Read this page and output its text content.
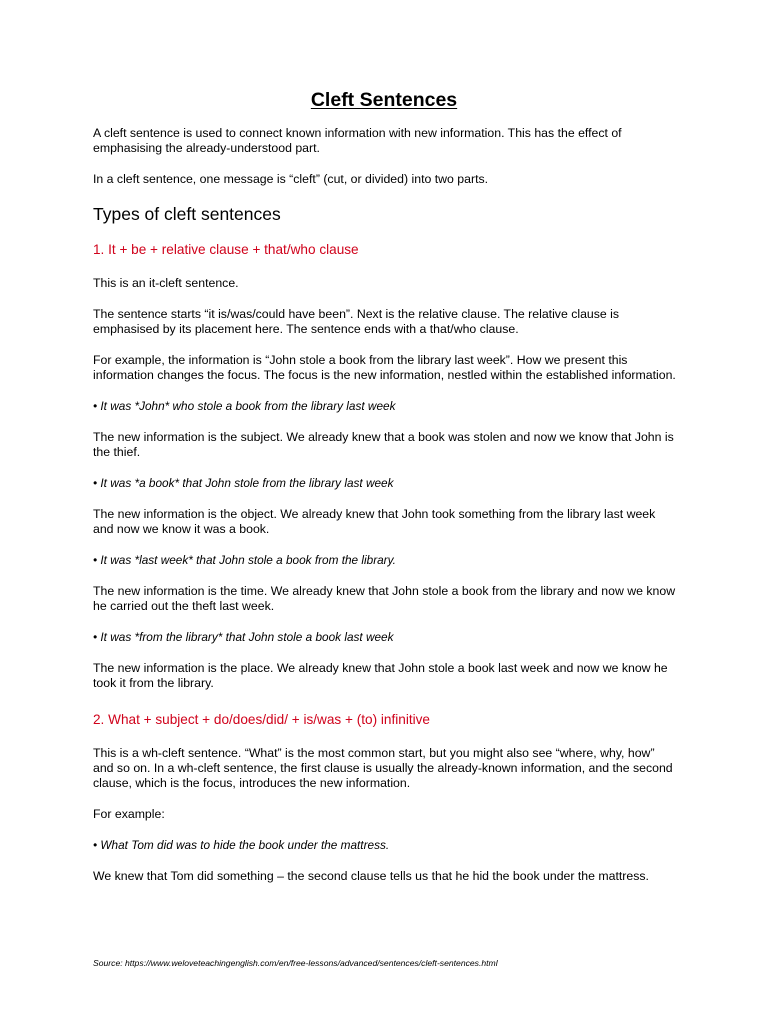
Cleft Sentences

A cleft sentence is used to connect known information with new information. This has the effect of emphasising the already-understood part.

In a cleft sentence, one message is “cleft” (cut, or divided) into two parts.

Types of cleft sentences
1. It + be + relative clause + that/who clause

This is an it-cleft sentence.

The sentence starts “it is/was/could have been”. Next is the relative clause. The relative clause is emphasised by its placement here. The sentence ends with a that/who clause.

For example, the information is “John stole a book from the library last week”. How we present this information changes the focus. The focus is the new information, nestled within the established information.

• It was *John* who stole a book from the library last week

The new information is the subject. We already knew that a book was stolen and now we know that John is the thief.

• It was *a book* that John stole from the library last week

The new information is the object. We already knew that John took something from the library last week and now we know it was a book.

• It was *last week* that John stole a book from the library.

The new information is the time. We already knew that John stole a book from the library and now we know he carried out the theft last week.

• It was *from the library* that John stole a book last week

The new information is the place. We already knew that John stole a book last week and now we know he took it from the library.

2. What + subject + do/does/did/ + is/was + (to) infinitive

This is a wh-cleft sentence. “What” is the most common start, but you might also see “where, why, how” and so on. In a wh-cleft sentence, the first clause is usually the already-known information, and the second clause, which is the focus, introduces the new information.

For example:

• What Tom did was to hide the book under the mattress.

We knew that Tom did something – the second clause tells us that he hid the book under the mattress.

Source: https://www.weloveteachingenglish.com/en/free-lessons/advanced/sentences/cleft-sentences.html
